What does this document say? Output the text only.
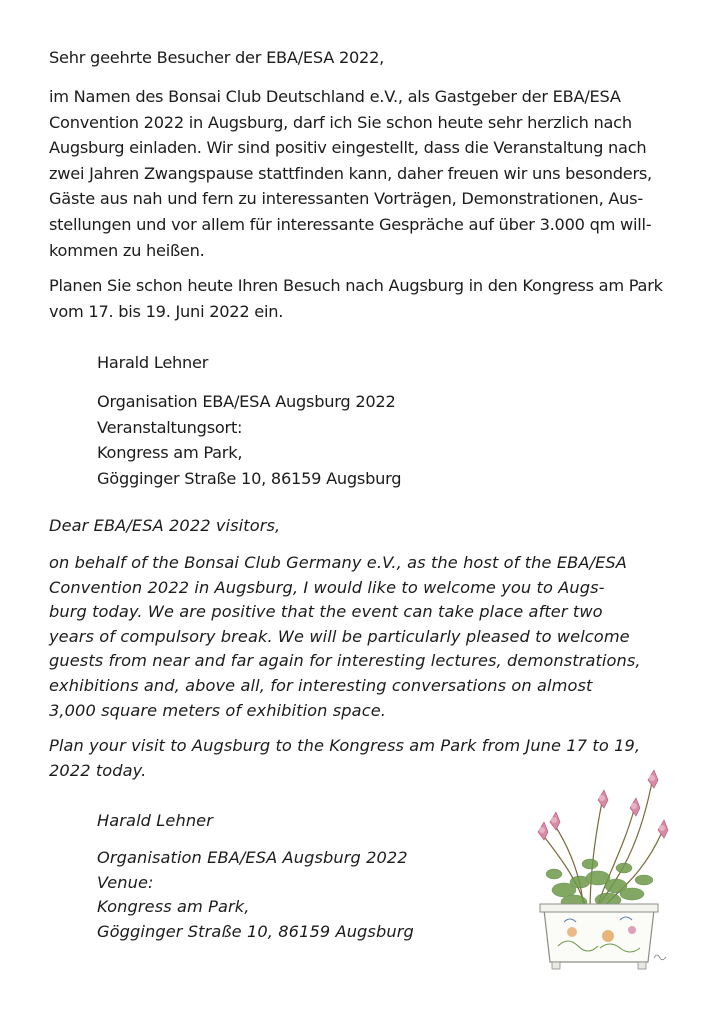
Sehr geehrte Besucher der EBA/ESA 2022,
im Namen des Bonsai Club Deutschland e.V., als Gastgeber der EBA/ESA
Convention 2022 in Augsburg, darf ich Sie schon heute sehr herzlich nach
Augsburg einladen. Wir sind positiv eingestellt, dass die Veranstaltung nach
zwei Jahren Zwangspause stattfinden kann, daher freuen wir uns besonders,
Gäste aus nah und fern zu interessanten Vorträgen, Demonstrationen, Aus-
stellungen und vor allem für interessante Gespräche auf über 3.000 qm will-
kommen zu heißen.
Planen Sie schon heute Ihren Besuch nach Augsburg in den Kongress am Park
vom 17. bis 19. Juni 2022 ein.
Harald Lehner
Organisation EBA/ESA Augsburg 2022
Veranstaltungsort:
Kongress am Park,
Gögginger Straße 10, 86159 Augsburg
Dear EBA/ESA 2022 visitors,
on behalf of the Bonsai Club Germany e.V., as the host of the EBA/ESA
Convention 2022 in Augsburg, I would like to welcome you to Augs-
burg today. We are positive that the event can take place after two
years of compulsory break. We will be particularly pleased to welcome
guests from near and far again for interesting lectures, demonstrations,
exhibitions and, above all, for interesting conversations on almost
3,000 square meters of exhibition space.
Plan your visit to Augsburg to the Kongress am Park from June 17 to 19,
2022 today.
Harald Lehner
Organisation EBA/ESA Augsburg 2022
Venue:
Kongress am Park,
Gögginger Straße 10, 86159 Augsburg
